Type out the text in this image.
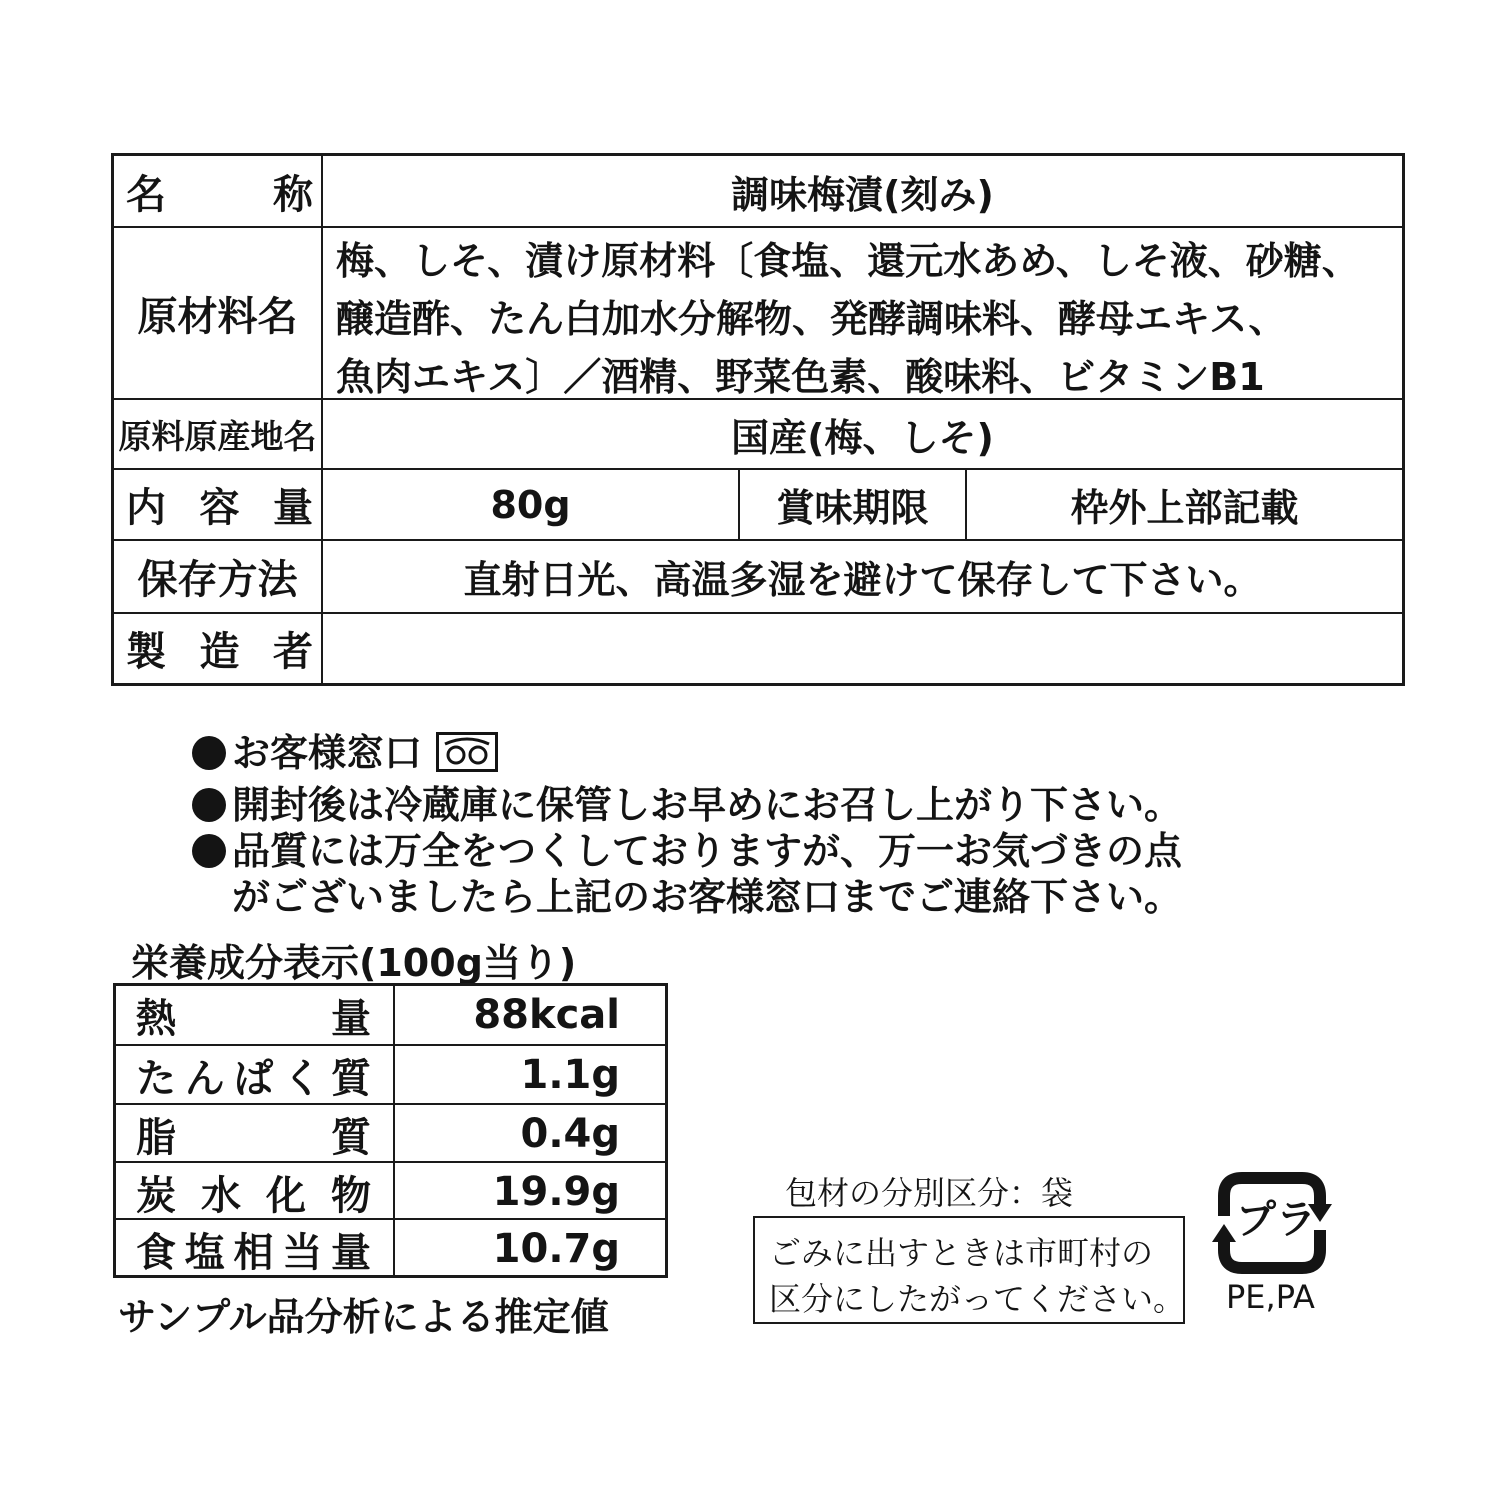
名	称	調味梅漬(刻み)
原材料名
梅、しそ、漬け原材料〔食塩、還元水あめ、しそ液、砂糖、
醸造酢、たん白加水分解物、発酵調味料、酵母エキス、
魚肉エキス〕／酒精、野菜色素、酸味料、ビタミンB1
原料原産地名	国産(梅、しそ)
内 容 量	80g	賞味期限	枠外上部記載
保存方法	直射日光、高温多湿を避けて保存して下さい。
製 造 者
お客様窓口
開封後は冷蔵庫に保管しお早めにお召し上がり下さい。
品質には万全をつくしておりますが、万一お気づきの点
がございましたら上記のお客様窓口までご連絡下さい。
栄養成分表示(100g当り)
熱	量	88kcal
た ん ぱ く 質	1.1g
脂	質	0.4g
炭 水 化 物	19.9g
食 塩 相 当 量	10.7g
サンプル品分析による推定値
包材の分別区分：袋
ごみに出すときは市町村の
区分にしたがってください。
プラ
PE,PA
